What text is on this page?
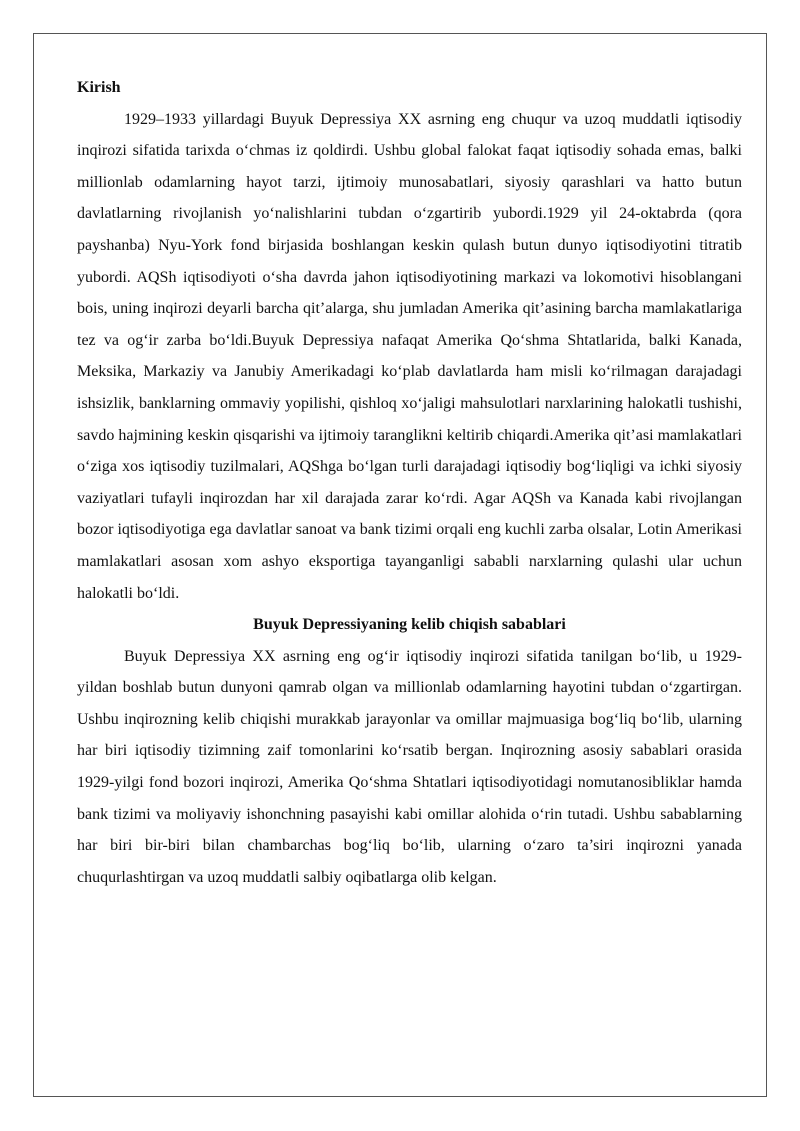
Kirish

1929–1933 yillardagi Buyuk Depressiya XX asrning eng chuqur va uzoq muddatli iqtisodiy inqirozi sifatida tarixda o‘chmas iz qoldirdi. Ushbu global falokat faqat iqtisodiy sohada emas, balki millionlab odamlarning hayot tarzi, ijtimoiy munosabatlari, siyosiy qarashlari va hatto butun davlatlarning rivojlanish yo‘nalishlarini tubdan o‘zgartirib yubordi.1929 yil 24-oktabrda (qora payshanba) Nyu-York fond birjasida boshlangan keskin qulash butun dunyo iqtisodiyotini titratib yubordi. AQSh iqtisodiyoti o‘sha davrda jahon iqtisodiyotining markazi va lokomotivi hisoblangani bois, uning inqirozi deyarli barcha qit’alarga, shu jumladan Amerika qit’asining barcha mamlakatlariga tez va og‘ir zarba bo‘ldi.Buyuk Depressiya nafaqat Amerika Qo‘shma Shtatlarida, balki Kanada, Meksika, Markaziy va Janubiy Amerikadagi ko‘plab davlatlarda ham misli ko‘rilmagan darajadagi ishsizlik, banklarning ommaviy yopilishi, qishloq xo‘jaligi mahsulotlari narxlarining halokatli tushishi, savdo hajmining keskin qisqarishi va ijtimoiy taranglikni keltirib chiqardi.Amerika qit’asi mamlakatlari o‘ziga xos iqtisodiy tuzilmalari, AQShga bo‘lgan turli darajadagi iqtisodiy bog‘liqligi va ichki siyosiy vaziyatlari tufayli inqirozdan har xil darajada zarar ko‘rdi. Agar AQSh va Kanada kabi rivojlangan bozor iqtisodiyotiga ega davlatlar sanoat va bank tizimi orqali eng kuchli zarba olsalar, Lotin Amerikasi mamlakatlari asosan xom ashyo eksportiga tayanganligi sababli narxlarning qulashi ular uchun halokatli bo‘ldi.

Buyuk Depressiyaning kelib chiqish sabablari

Buyuk Depressiya XX asrning eng og‘ir iqtisodiy inqirozi sifatida tanilgan bo‘lib, u 1929-yildan boshlab butun dunyoni qamrab olgan va millionlab odamlarning hayotini tubdan o‘zgartirgan. Ushbu inqirozning kelib chiqishi murakkab jarayonlar va omillar majmuasiga bog‘liq bo‘lib, ularning har biri iqtisodiy tizimning zaif tomonlarini ko‘rsatib bergan. Inqirozning asosiy sabablari orasida 1929-yilgi fond bozori inqirozi, Amerika Qo‘shma Shtatlari iqtisodiyotidagi nomutanosibliklar hamda bank tizimi va moliyaviy ishonchning pasayishi kabi omillar alohida o‘rin tutadi. Ushbu sabablarning har biri bir-biri bilan chambarchas bog‘liq bo‘lib, ularning o‘zaro ta’siri inqirozni yanada chuqurlashtirgan va uzoq muddatli salbiy oqibatlarga olib kelgan.
